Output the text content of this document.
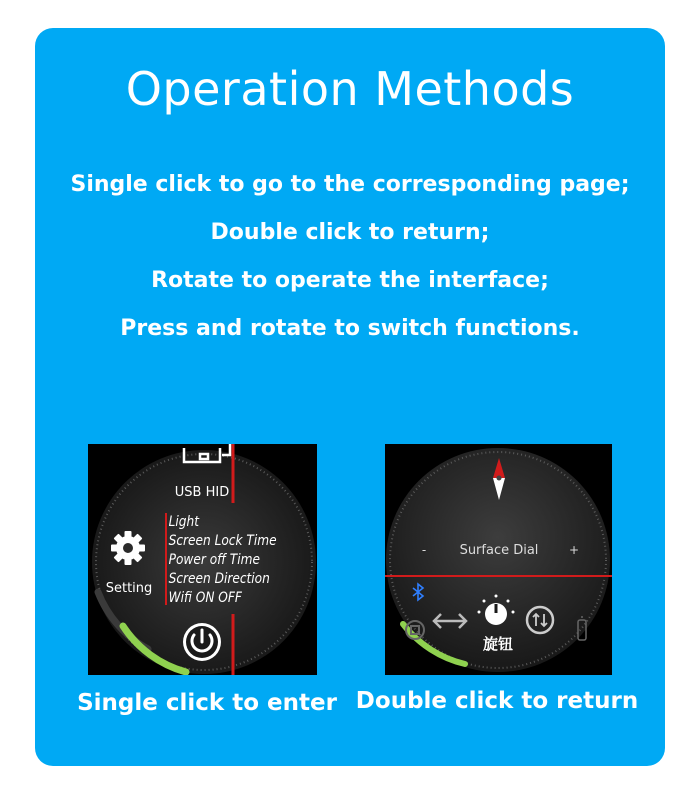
Operation Methods
Single click to go to the corresponding page;
Double click to return;
Rotate to operate the interface;
Press and rotate to switch functions.
USB HID
Setting
Light
Screen Lock Time
Power off Time
Screen Direction
Wifi ON OFF
-	Surface Dial	+
旋钮
Single click to enter Double click to return
